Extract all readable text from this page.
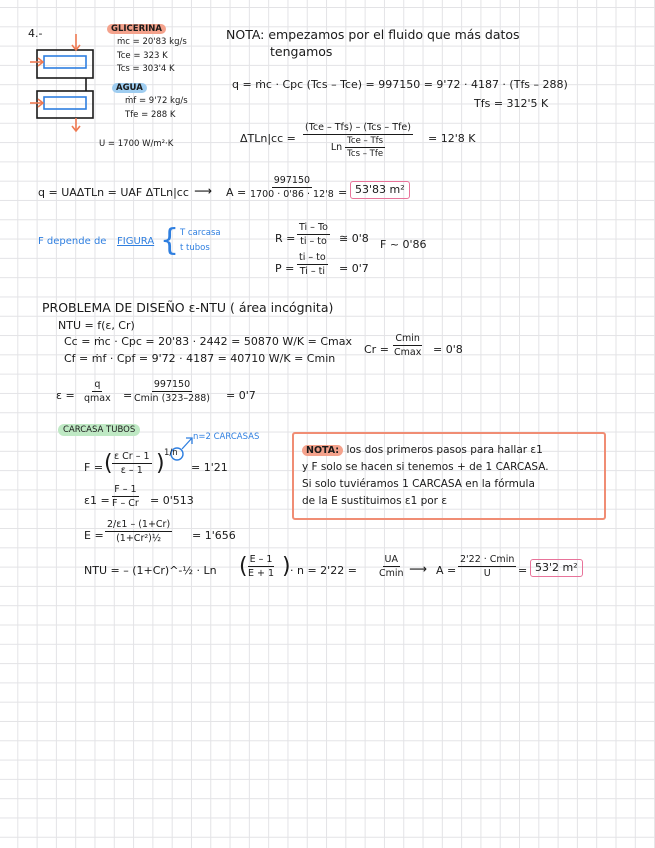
4.-	GLICERINA
ṁc = 20'83 kg/s
Tce = 323 K
Tcs = 303'4 K
AGUA
ṁf = 9'72 kg/s
Tfe = 288 K
U = 1700 W/m²·K
NOTA: empezamos por el fluido que más datos
tengamos
q = ṁc · Cpc (Tcs – Tce) = 997150 = 9'72 · 4187 · (Tfs – 288)
Tfs = 312'5 K
ΔTLn|cc =
(Tce – Tfs) – (Tcs – Tfe)
Ln $\frac{\text{Tce – Tfs}}{\text{Tcs – Tfe}}$	= 12'8 K
q = UAΔTLn = UAF ΔTLn|cc ⟶ $A = \frac{997150}{1700 \cdot 0'86 \cdot 12'8} = 53'83$ m²
F depende de FIGURA { T carcasa
t tubos
$R = \frac{Ti - To}{ti - to}$ ≅ 0'8
$P = \frac{ti - to}{Ti - ti} = 0'7$
F ~ 0'86
PROBLEMA DE DISEÑO ε-NTU ( área incógnita)
NTU = f(ε, Cr)
Cc = ṁc · Cpc = 20'83 · 2442 = 50870 W/K = Cmax
Cf = ṁf · Cpf = 9'72 · 4187 = 40710 W/K = Cmin
Cr =
Cmin
Cmax = 0'8
ε =
q
qmax =
997150
Cmin (323–288) = 0'7
CARCASA TUBOS
n=2 CARCASAS
F = ( $\frac{\text{ε Cr – 1}}{\varepsilon - 1}$ ) 1/n
= 1'21
$\varepsilon 1 = \frac{F - 1}{F - Cr} = 0'513$
$E = \frac{2/\varepsilon 1 - (1+Cr)}{\text{(1+Cr²)½}} = 1'656$
NTU = – (1+Cr)^-½ · Ln (
$\frac{E - 1}{E + 1}$ ) · n = 2'22 =
UA
Cmin ⟶ A =
2'22 · Cmin
U = 53'2 m²
NOTA: los dos primeros pasos para hallar ε1
y F solo se hacen si tenemos + de 1 CARCASA.
Si solo tuviéramos 1 CARCASA en la fórmula
de la E sustituimos ε1 por ε
